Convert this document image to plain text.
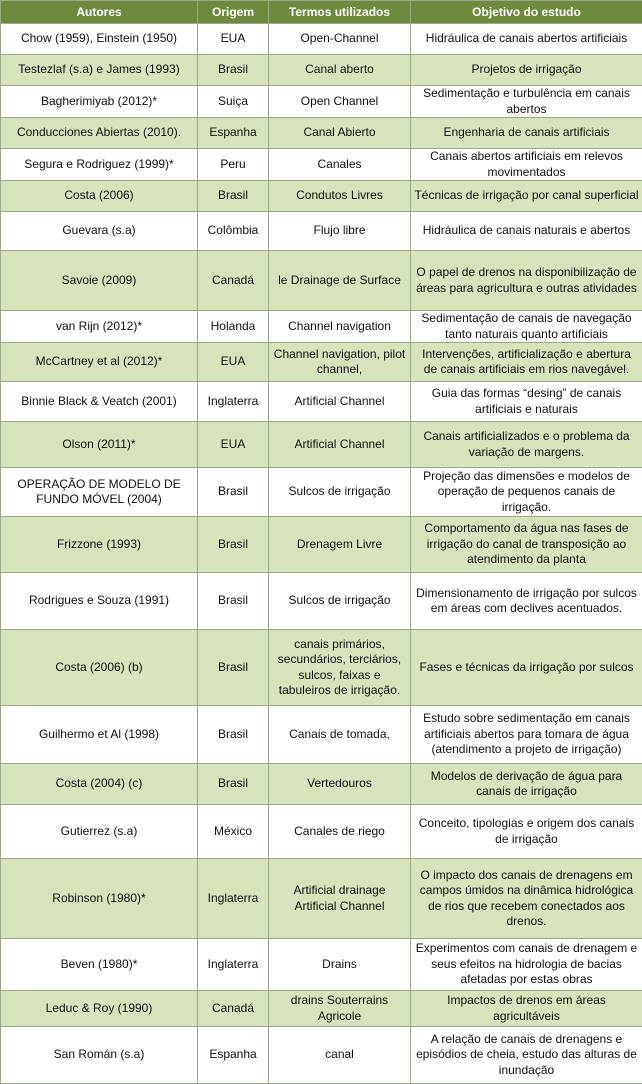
Autores	Origem	Termos utilizados	Objetivo do estudo
Chow (1959), Einstein (1950)	EUA	Open-Channel	Hidráulica de canais abertos artificiais
Testezlaf (s.a) e James (1993)	Brasil	Canal aberto	Projetos de irrigação
Bagherimiyab (2012)*	Suiça	Open Channel	Sedimentação e turbulência em canais abertos
Conducciones Abiertas (2010).	Espanha	Canal Abierto	Engenharia de canais artificiais
Segura e Rodriguez (1999)*	Peru	Canales	Canais abertos artificiais em relevos movimentados
Costa (2006)	Brasil	Condutos Livres	Técnicas de irrigação por canal superficial
Guevara (s.a)	Colômbia	Flujo libre	Hidráulica de canais naturais e abertos
Savoie (2009)	Canadá	le Drainage de Surface	O papel de drenos na disponibilização de áreas para agricultura e outras atividades
van Rijn (2012)*	Holanda	Channel navigation	Sedimentação de canais de navegação tanto naturais quanto artificiais
McCartney et al (2012)*	EUA	Channel navigation, pilot channel,	Intervenções, artificialização e abertura de canais artificiais em rios navegável.
Binnie Black & Veatch (2001)	Inglaterra	Artificial Channel	Guia das formas “desing” de canais artificiais e naturais
Olson (2011)*	EUA	Artificial Channel	Canais artificializados e o problema da variação de margens.
OPERAÇÃO DE MODELO DE FUNDO MÓVEL (2004)	Brasil	Sulcos de irrigação	Projeção das dimensões e modelos de operação de pequenos canais de irrigação.
Frizzone (1993)	Brasil	Drenagem Livre	Comportamento da água nas fases de irrigação do canal de transposição ao atendimento da planta
Rodrigues e Souza (1991)	Brasil	Sulcos de irrigação	Dimensionamento de irrigação por sulcos em áreas com declives acentuados.
Costa (2006) (b)	Brasil	canais primários, secundários, terciários, sulcos, faixas e tabuleiros de irrigação.	Fases e técnicas da irrigação por sulcos
Guilhermo et Al (1998)	Brasil	Canais de tomada,	Estudo sobre sedimentação em canais artificiais abertos para tomara de água (atendimento a projeto de irrigação)
Costa (2004) (c)	Brasil	Vertedouros	Modelos de derivação de água para canais de irrigação
Gutierrez (s.a)	México	Canales de riego	Conceito, tipologias e origem dos canais de irrigação
Robinson (1980)*	Inglaterra	Artificial drainage Artificial Channel	O impacto dos canais de drenagens em campos úmidos na dinâmica hidrológica de rios que recebem conectados aos drenos.
Beven (1980)*	Inglaterra	Drains	Experimentos com canais de drenagem e seus efeitos na hidrologia de bacias afetadas por estas obras
Leduc & Roy (1990)	Canadá	drains Souterrains Agricole	Impactos de drenos em áreas agricultáveis
San Román (s.a)	Espanha	canal	A relação de canais de drenagens e episódios de cheia, estudo das alturas de inundação
